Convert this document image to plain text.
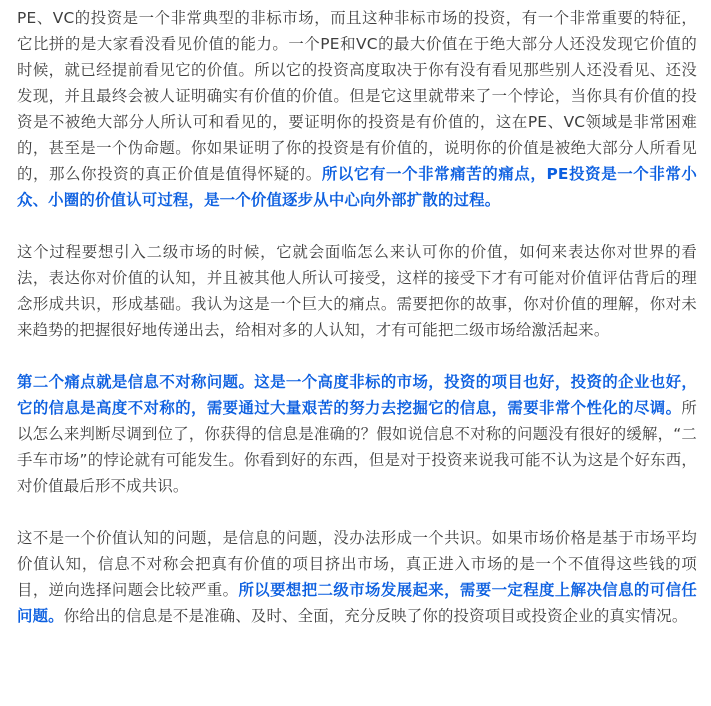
PE、VC的投资是一个非常典型的非标市场，而且这种非标市场的投资，有一个非常重要的特征，它比拼的是大家看没看见价值的能力。一个PE和VC的最大价值在于绝大部分人还没发现它价值的时候，就已经提前看见它的价值。所以它的投资高度取决于你有没有看见那些别人还没看见、还没发现，并且最终会被人证明确实有价值的价值。但是它这里就带来了一个悖论，当你具有价值的投资是不被绝大部分人所认可和看见的，要证明你的投资是有价值的，这在PE、VC领域是非常困难的，甚至是一个伪命题。你如果证明了你的投资是有价值的，说明你的价值是被绝大部分人所看见的，那么你投资的真正价值是值得怀疑的。所以它有一个非常痛苦的痛点，PE投资是一个非常小众、小圈的价值认可过程，是一个价值逐步从中心向外部扩散的过程。

这个过程要想引入二级市场的时候，它就会面临怎么来认可你的价值，如何来表达你对世界的看法，表达你对价值的认知，并且被其他人所认可接受，这样的接受下才有可能对价值评估背后的理念形成共识，形成基础。我认为这是一个巨大的痛点。需要把你的故事，你对价值的理解，你对未来趋势的把握很好地传递出去，给相对多的人认知，才有可能把二级市场给激活起来。

第二个痛点就是信息不对称问题。这是一个高度非标的市场，投资的项目也好，投资的企业也好，它的信息是高度不对称的，需要通过大量艰苦的努力去挖掘它的信息，需要非常个性化的尽调。所以怎么来判断尽调到位了，你获得的信息是准确的？假如说信息不对称的问题没有很好的缓解，“二手车市场”的悖论就有可能发生。你看到好的东西，但是对于投资来说我可能不认为这是个好东西，对价值最后形不成共识。

这不是一个价值认知的问题，是信息的问题，没办法形成一个共识。如果市场价格是基于市场平均价值认知，信息不对称会把真有价值的项目挤出市场，真正进入市场的是一个不值得这些钱的项目，逆向选择问题会比较严重。所以要想把二级市场发展起来，需要一定程度上解决信息的可信任问题。你给出的信息是不是准确、及时、全面，充分反映了你的投资项目或投资企业的真实情况。
